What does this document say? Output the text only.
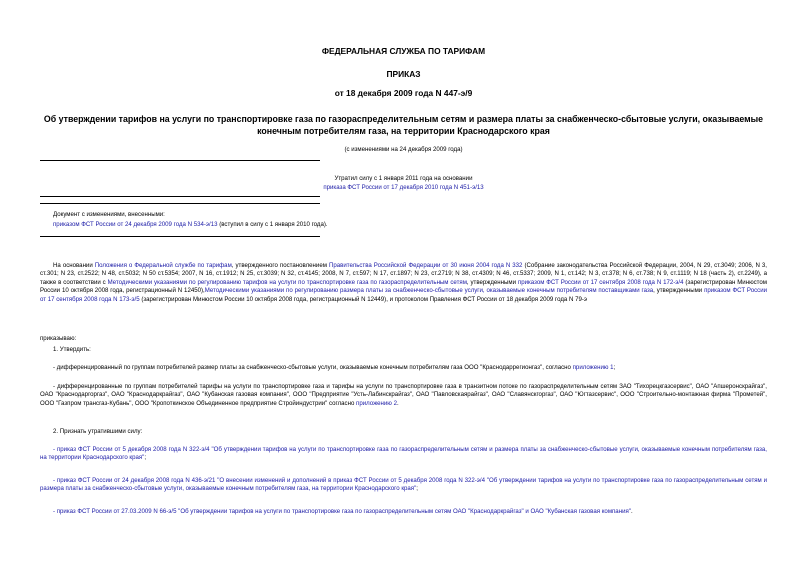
ФЕДЕРАЛЬНАЯ СЛУЖБА ПО ТАРИФАМ
ПРИКАЗ
от 18 декабря 2009 года N 447-э/9
Об утверждении тарифов на услуги по транспортировке газа по газораспределительным сетям и размера платы за снабженческо-сбытовые услуги, оказываемые конечным потребителям газа, на территории Краснодарского края
(с изменениями на 24 декабря 2009 года)
Утратил силу с 1 января 2011 года на основании
приказа ФСТ России от 17 декабря 2010 года N 451-э/13
Документ с изменениями, внесенными:
приказом ФСТ России от 24 декабря 2009 года N 534-э/13 (вступил в силу с 1 января 2010 года).
На основании Положения о Федеральной службе по тарифам, утвержденного постановлением Правительства Российской Федерации от 30 июня 2004 года N 332 (Собрание законодательства Российской Федерации, 2004, N 29, ст.3049; 2006, N 3, ст.301; N 23, ст.2522; N 48, ст.5032; N 50 ст.5354; 2007, N 16, ст.1912; N 25, ст.3039; N 32, ст.4145; 2008, N 7, ст.597; N 17, ст.1897; N 23, ст.2719; N 38, ст.4309; N 46, ст.5337; 2009, N 1, ст.142; N 3, ст.378; N 6, ст.738; N 9, ст.1119; N 18 (часть 2), ст.2249), а также в соответствии с Методическими указаниями по регулированию тарифов на услуги по транспортировке газа по газораспределительным сетям, утвержденными приказом ФСТ России от 17 сентября 2008 года N 172-э/4 (зарегистрирован Минюстом России 10 октября 2008 года, регистрационный N 12450),Методическими указаниями по регулированию размера платы за снабженческо-сбытовые услуги, оказываемые конечным потребителям поставщиками газа, утвержденными приказом ФСТ России от 17 сентября 2008 года N 173-э/5 (зарегистрирован Минюстом России 10 октября 2008 года, регистрационный N 12449), и протоколом Правления ФСТ России от 18 декабря 2009 года N 79-э
приказываю:
1. Утвердить:
- дифференцированный по группам потребителей размер платы за снабженческо-сбытовые услуги, оказываемые конечным потребителям газа ООО "Краснодаррегионгаз", согласно приложению 1;
- дифференцированные по группам потребителей тарифы на услуги по транспортировке газа и тарифы на услуги по транспортировке газа в транзитном потоке по газораспределительным сетям ЗАО "Тихорецкгазсервис", ОАО "Апшеронскрайгаз", ОАО "Краснодаргоргаз", ОАО "Краснодаркрайгаз", ОАО "Кубанская газовая компания", ООО "Предприятие "Усть-Лабинскрайгаз", ОАО "Павловскаярайгаз", ОАО "Славянскгоргаз", ОАО "Югтазсервис", ООО "Строительно-монтажная фирма "Прометей", ООО "Газпром трансгаз-Кубань", ООО "Кропоткинское Объединенное предприятие Стройиндустрии" согласно приложению 2.
2. Признать утратившими силу:
- приказ ФСТ России от 5 декабря 2008 года N 322-э/4 "Об утверждении тарифов на услуги по транспортировке газа по газораспределительным сетям и размера платы за снабженческо-сбытовые услуги, оказываемые конечным потребителям газа, на территории Краснодарского края";
- приказ ФСТ России от 24 декабря 2008 года N 436-э/21 "О внесении изменений и дополнений в приказ ФСТ России от 5 декабря 2008 года N 322-э/4 "Об утверждении тарифов на услуги по транспортировке газа по газораспределительным сетям и размера платы за снабженческо-сбытовые услуги, оказываемые конечным потребителям газа, на территории Краснодарского края";
- приказ ФСТ России от 27.03.2009 N 66-э/5 "Об утверждении тарифов на услуги по транспортировке газа по газораспределительным сетям ОАО "Краснодаркрайгаз" и ОАО "Кубанская газовая компания".
